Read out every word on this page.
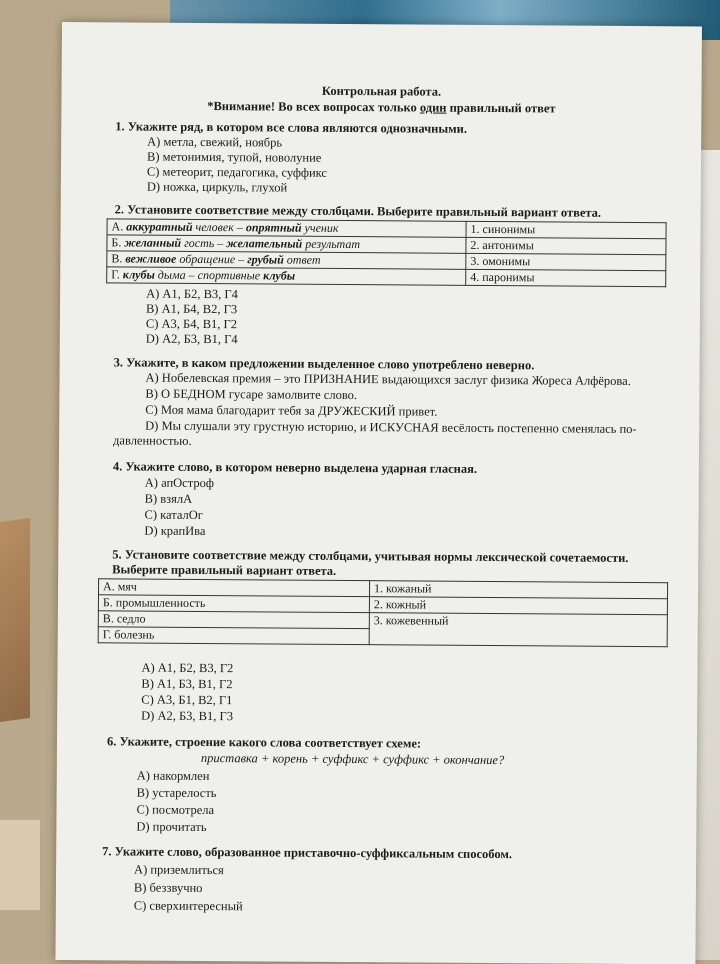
Контрольная работа.
*Внимание! Во всех вопросах только один правильный ответ
1. Укажите ряд, в котором все слова являются однозначными.
A) метла, свежий, ноябрь
B) метонимия, тупой, новолуние
C) метеорит, педагогика, суффикс
D) ножка, циркуль, глухой
2. Установите соответствие между столбцами. Выберите правильный вариант ответа.
А. аккуратный человек – опрятный ученик	1. синонимы
Б. желанный гость – желательный результат	2. антонимы
В. вежливое обращение – грубый ответ	3. омонимы
Г. клубы дыма – спортивные клубы	4. паронимы
A) А1, Б2, В3, Г4
B) А1, Б4, В2, Г3
C) А3, Б4, В1, Г2
D) А2, Б3, В1, Г4
3. Укажите, в каком предложении выделенное слово употреблено неверно.
A) Нобелевская премия – это ПРИЗНАНИЕ выдающихся заслуг физика Жореса Алфёрова.
B) О БЕДНОМ гусаре замолвите слово.
C) Моя мама благодарит тебя за ДРУЖЕСКИЙ привет.
D) Мы слушали эту грустную историю, и ИСКУСНАЯ весёлость постепенно сменялась по-
давленностью.
4. Укажите слово, в котором неверно выделена ударная гласная.
A) апОстроф
B) взялА
C) каталОг
D) крапИва
5. Установите соответствие между столбцами, учитывая нормы лексической сочетаемости.
Выберите правильный вариант ответа.
А. мяч	1. кожаный
Б. промышленность	2. кожный
В. седло	3. кожевенный
Г. болезнь	
A) А1, Б2, В3, Г2
B) А1, Б3, В1, Г2
C) А3, Б1, В2, Г1
D) А2, Б3, В1, Г3
6. Укажите, строение какого слова соответствует схеме:
приставка + корень + суффикс + суффикс + окончание?
A) накормлен
B) устарелость
C) посмотрела
D) прочитать
7. Укажите слово, образованное приставочно-суффиксальным способом.
A) приземлиться
B) беззвучно
C) сверхинтересный
